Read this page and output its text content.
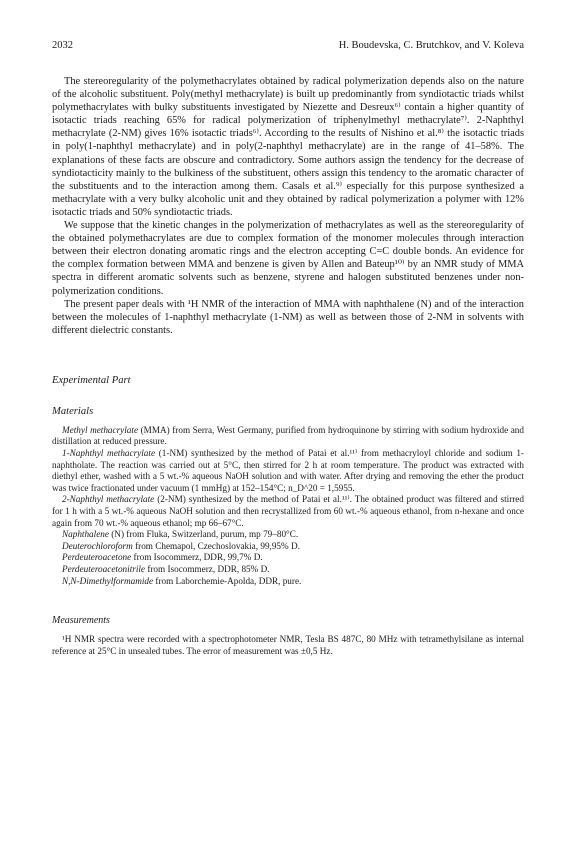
2032	H. Boudevska, C. Brutchkov, and V. Koleva

The stereoregularity of the polymethacrylates obtained by radical polymerization depends also on the nature of the alcoholic substituent. Poly(methyl methacrylate) is built up predominantly from syndiotactic triads whilst polymethacrylates with bulky substituents investigated by Niezette and Desreux⁶⁾ contain a higher quantity of isotactic triads reaching 65% for radical polymerization of triphenylmethyl methacrylate⁷⁾. 2-Naphthyl methacrylate (2-NM) gives 16% isotactic triads⁶⁾. According to the results of Nishino et al.⁸⁾ the isotactic triads in poly(1-naphthyl methacrylate) and in poly(2-naphthyl methacrylate) are in the range of 41–58%. The explanations of these facts are obscure and contradictory. Some authors assign the tendency for the decrease of syndiotacticity mainly to the bulkiness of the substituent, others assign this tendency to the aromatic character of the substituents and to the interaction among them. Casals et al.⁹⁾ especially for this purpose synthesized a methacrylate with a very bulky alcoholic unit and they obtained by radical polymerization a polymer with 12% isotactic triads and 50% syndiotactic triads.

We suppose that the kinetic changes in the polymerization of methacrylates as well as the stereoregularity of the obtained polymethacrylates are due to complex formation of the monomer molecules through interaction between their electron donating aromatic rings and the electron accepting C=C double bonds. An evidence for the complex formation between MMA and benzene is given by Allen and Bateup¹⁰⁾ by an NMR study of MMA spectra in different aromatic solvents such as benzene, styrene and halogen substituted benzenes under non-polymerization conditions.

The present paper deals with ¹H NMR of the interaction of MMA with naphthalene (N) and of the interaction between the molecules of 1-naphthyl methacrylate (1-NM) as well as between those of 2-NM in solvents with different dielectric constants.

Experimental Part

Materials

Methyl methacrylate (MMA) from Serra, West Germany, purified from hydroquinone by stirring with sodium hydroxide and distillation at reduced pressure.

1-Naphthyl methacrylate (1-NM) synthesized by the method of Patai et al.¹¹⁾ from methacryloyl chloride and sodium 1-naphtholate. The reaction was carried out at 5°C, then stirred for 2 h at room temperature. The product was extracted with diethyl ether, washed with a 5 wt.-% aqueous NaOH solution and with water. After drying and removing the ether the product was twice fractionated under vacuum (1 mmHg) at 152–154°C; n_D^20 = 1,5955.

2-Naphthyl methacrylate (2-NM) synthesized by the method of Patai et al.¹¹⁾. The obtained product was filtered and stirred for 1 h with a 5 wt.-% aqueous NaOH solution and then recrystallized from 60 wt.-% aqueous ethanol, from n-hexane and once again from 70 wt.-% aqueous ethanol; mp 66–67°C.

Naphthalene (N) from Fluka, Switzerland, purum, mp 79–80°C.

Deuterochloroform from Chemapol, Czechoslovakia, 99,95% D.

Perdeuteroacetone from Isocommerz, DDR, 99,7% D.

Perdeuteroacetonitrile from Isocommerz, DDR, 85% D.

N,N-Dimethylformamide from Laborchemie-Apolda, DDR, pure.

Measurements

¹H NMR spectra were recorded with a spectrophotometer NMR, Tesla BS 487C, 80 MHz with tetramethylsilane as internal reference at 25°C in unsealed tubes. The error of measurement was ±0,5 Hz.
